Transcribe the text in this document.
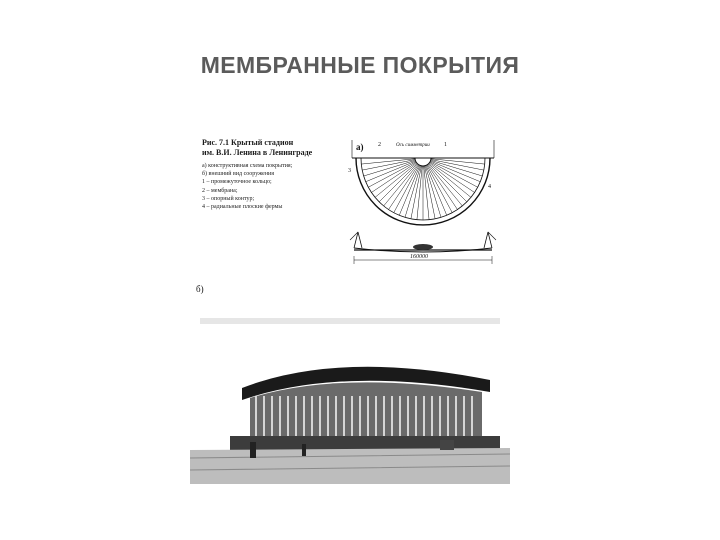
МЕМБРАННЫЕ ПОКРЫТИЯ
Рис. 7.1 Крытый стадион
им. В.И. Ленина в Ленинграде
а) конструктивная схема покрытия;
б) внешний вид сооружения
1 – промежуточное кольцо;
2 – мембрана;
3 – опорный контур;
4 – радиальные плоские фермы
а)	Ось симметрии
2	1
3
4
160000
б)
